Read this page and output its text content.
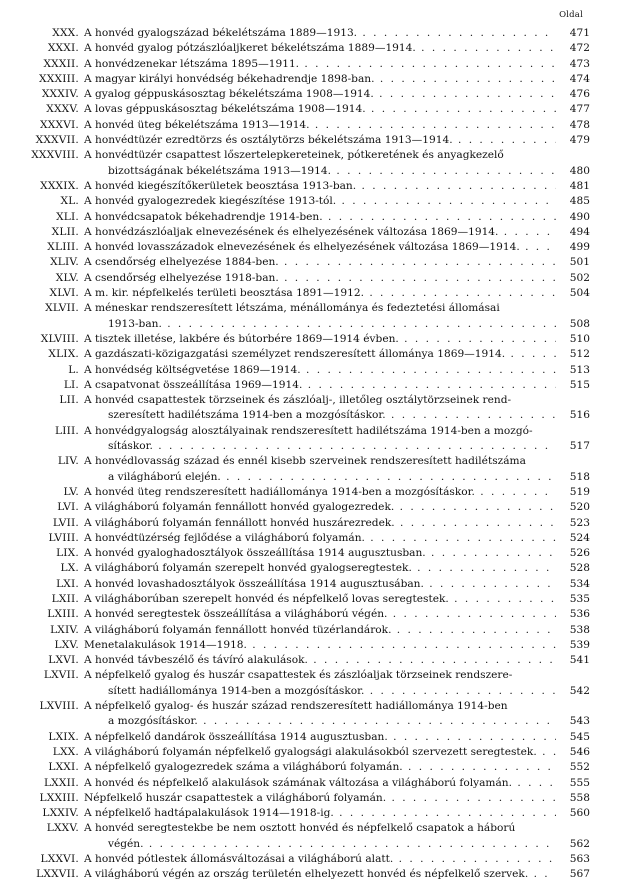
Oldal
XXX. A honvéd gyalogszázad békelétszáma 1889—1913. . . .	471
XXXI. A honvéd gyalog pótzászlóaljkeret békelétszáma 1889—1914. . . .	472
XXXII. A honvédzenekar létszáma 1895—1911. . . .	473
XXXIII. A magyar királyi honvédség békehadrendje 1898-ban. . . .	474
XXXIV. A gyalog géppuskásosztag békelétszáma 1908—1914. . . .	476
XXXV. A lovas géppuskásosztag békelétszáma 1908—1914. . . .	477
XXXVI. A honvéd üteg békelétszáma 1913—1914. . . .	478
XXXVII. A honvédtüzér ezredtörzs és osztálytörzs békelétszáma 1913—1914. . . .	479
XXXVIII. A honvédtüzér csapattest lőszertelepkereteinek, pótkeretének és anyagkezelő
bizottságának békelétszáma 1913—1914. . . .	480
XXXIX. A honvéd kiegészítőkerületek beosztása 1913-ban. . . .	481
XL. A honvéd gyalogezredek kiegészítése 1913-tól. . . .	485
XLI. A honvédcsapatok békehadrendje 1914-ben. . . .	490
XLII. A honvédzászlóaljak elnevezésének és elhelyezésének változása 1869—1914. . . .	494
XLIII. A honvéd lovasszázadok elnevezésének és elhelyezésének változása 1869—1914. . . .	499
XLIV. A csendőrség elhelyezése 1884-ben. . . .	501
XLV. A csendőrség elhelyezése 1918-ban. . . .	502
XLVI. A m. kir. népfelkelés területi beosztása 1891—1912. . . .	504
XLVII. A méneskar rendszeresített létszáma, ménállománya és fedeztetési állomásai
1913-ban. . . .	508
XLVIII. A tisztek illetése, lakbére és bútorbére 1869—1914 évben. . . .	510
XLIX. A gazdászati-közigazgatási személyzet rendszeresített állománya 1869—1914. . . .	512
L. A honvédség költségvetése 1869—1914. . . .	513
LI. A csapatvonat összeállítása 1969—1914. . . .	515
LII. A honvéd csapattestek törzseinek és zászlóalj-, illetőleg osztálytörzseinek rend-
szeresített hadilétszáma 1914-ben a mozgósításkor. . . .	516
LIII. A honvédgyalogság alosztályainak rendszeresített hadilétszáma 1914-ben a mozgó-
sításkor. . . .	517
LIV. A honvédlovasság század és ennél kisebb szerveinek rendszeresített hadilétszáma
a világháború elején. . . .	518
LV. A honvéd üteg rendszeresített hadiállománya 1914-ben a mozgósításkor. . . .	519
LVI. A világháború folyamán fennállott honvéd gyalogezredek. . . .	520
LVII. A világháború folyamán fennállott honvéd huszárezredek. . . .	523
LVIII. A honvédtüzérség fejlődése a világháború folyamán. . . .	524
LIX. A honvéd gyaloghadosztályok összeállítása 1914 augusztusban. . . .	526
LX. A világháború folyamán szerepelt honvéd gyalogseregtestek. . . .	528
LXI. A honvéd lovashadosztályok összeállítása 1914 augusztusában. . . .	534
LXII. A világháborúban szerepelt honvéd és népfelkelő lovas seregtestek. . . .	535
LXIII. A honvéd seregtestek összeállítása a világháború végén. . . .	536
LXIV. A világháború folyamán fennállott honvéd tüzérlandárok. . . .	538
LXV. Menetalakulások 1914—1918. . . .	539
LXVI. A honvéd távbeszélő és távíró alakulások. . . .	541
LXVII. A népfelkelő gyalog és huszár csapattestek és zászlóaljak törzseinek rendszere-
sített hadiállománya 1914-ben a mozgósításkor. . . .	542
LXVIII. A népfelkelő gyalog- és huszár század rendszeresített hadiállománya 1914-ben
a mozgósításkor. . . .	543
LXIX. A népfelkelő dandárok összeállítása 1914 augusztusban. . . .	545
LXX. A világháború folyamán népfelkelő gyalogsági alakulásokból szervezett seregtestek. . . .	546
LXXI. A népfelkelő gyalogezredek száma a világháború folyamán. . . .	552
LXXII. A honvéd és népfelkelő alakulások számának változása a világháború folyamán. . . .	555
LXXIII. Népfelkelő huszár csapattestek a világháború folyamán. . . .	558
LXXIV. A népfelkelő hadtápalakulások 1914—1918-ig. . . .	560
LXXV. A honvéd seregtestekbe be nem osztott honvéd és népfelkelő csapatok a háború
végén. . . .	562
LXXVI. A honvéd pótlestek állomásváltozásai a világháború alatt. . . .	563
LXXVII. A világháború végén az ország területén elhelyezett honvéd és népfelkelő szervek. . . .	567
